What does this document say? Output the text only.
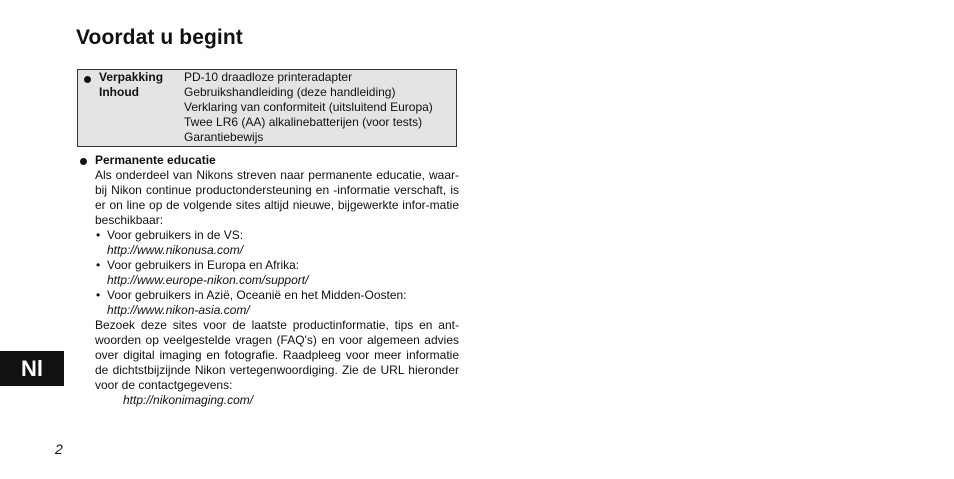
Voordat u begint
Verpakking
Inhoud
PD-10 draadloze printeradapter
Gebruikshandleiding (deze handleiding)
Verklaring van conformiteit (uitsluitend Europa)
Twee LR6 (AA) alkalinebatterijen (voor tests)
Garantiebewijs
Permanente educatie

Als onderdeel van Nikons streven naar permanente educatie, waar-bij Nikon continue productondersteuning en -informatie verschaft, is er on line op de volgende sites altijd nieuwe, bijgewerkte infor-matie beschikbaar:

• Voor gebruikers in de VS:
http://www.nikonusa.com/
• Voor gebruikers in Europa en Afrika:
http://www.europe-nikon.com/support/
• Voor gebruikers in Azië, Oceanië en het Midden-Oosten:
http://www.nikon-asia.com/

Bezoek deze sites voor de laatste productinformatie, tips en ant-woorden op veelgestelde vragen (FAQ's) en voor algemeen advies over digital imaging en fotografie. Raadpleeg voor meer informatie de dichtstbijzijnde Nikon vertegenwoordiging. Zie de URL hieronder voor de contactgegevens:

http://nikonimaging.com/
Nl
2
